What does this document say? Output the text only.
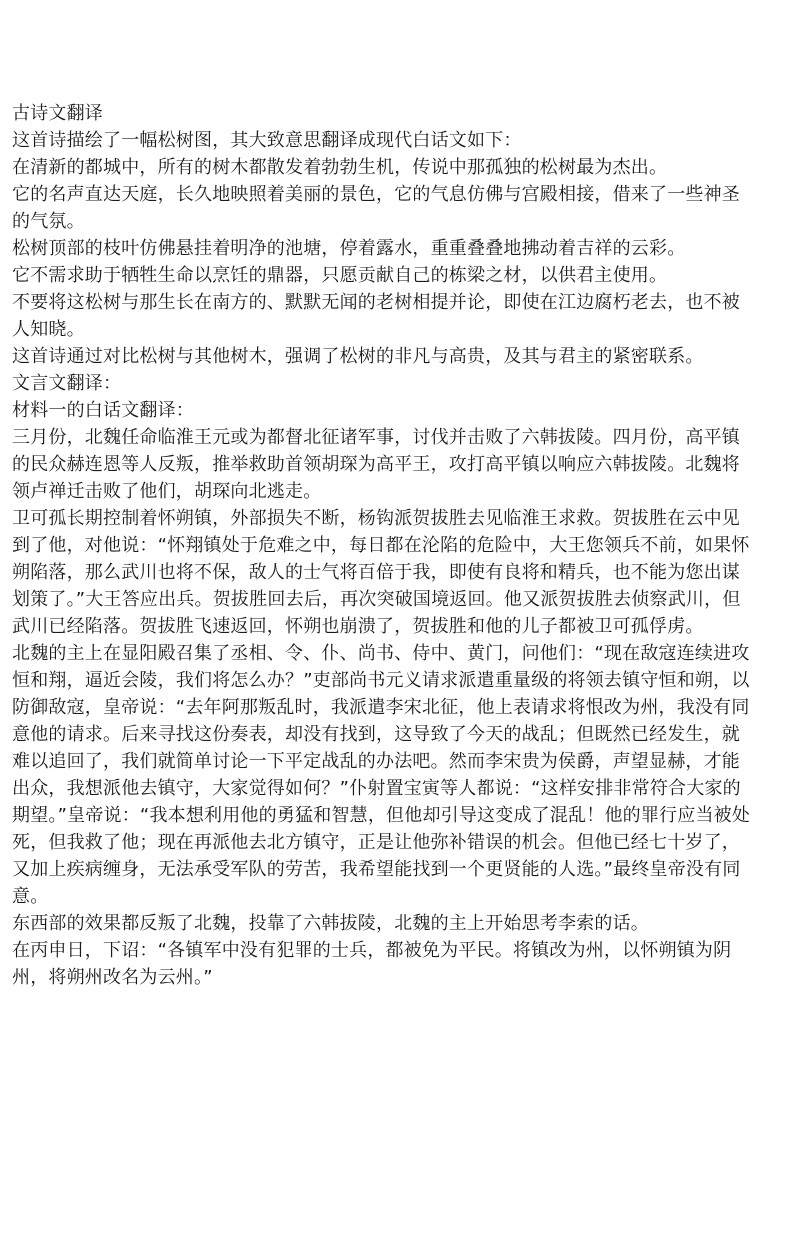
古诗文翻译

这首诗描绘了一幅松树图，其大致意思翻译成现代白话文如下：

在清新的都城中，所有的树木都散发着勃勃生机，传说中那孤独的松树最为杰出。

它的名声直达天庭，长久地映照着美丽的景色，它的气息仿佛与宫殿相接，借来了一些神圣的气氛。

松树顶部的枝叶仿佛悬挂着明净的池塘，停着露水，重重叠叠地拂动着吉祥的云彩。

它不需求助于牺牲生命以烹饪的鼎器，只愿贡献自己的栋梁之材，以供君主使用。

不要将这松树与那生长在南方的、默默无闻的老树相提并论，即使在江边腐朽老去，也不被人知晓。

这首诗通过对比松树与其他树木，强调了松树的非凡与高贵，及其与君主的紧密联系。

文言文翻译：

材料一的白话文翻译：

三月份，北魏任命临淮王元或为都督北征诸军事，讨伐并击败了六韩拔陵。四月份，高平镇的民众赫连恩等人反叛，推举救助首领胡琛为高平王，攻打高平镇以响应六韩拔陵。北魏将领卢禅迁击败了他们，胡琛向北逃走。

卫可孤长期控制着怀朔镇，外部损失不断，杨钩派贺拔胜去见临淮王求救。贺拔胜在云中见到了他，对他说：“怀翔镇处于危难之中，每日都在沦陷的危险中，大王您领兵不前，如果怀朔陷落，那么武川也将不保，敌人的士气将百倍于我，即使有良将和精兵，也不能为您出谋划策了。”大王答应出兵。贺拔胜回去后，再次突破国境返回。他又派贺拔胜去侦察武川，但武川已经陷落。贺拔胜飞速返回，怀朔也崩溃了，贺拔胜和他的儿子都被卫可孤俘虏。

北魏的主上在显阳殿召集了丞相、令、仆、尚书、侍中、黄门，问他们：“现在敌寇连续进攻恒和翔，逼近会陵，我们将怎么办？”吏部尚书元义请求派遣重量级的将领去镇守恒和朔，以防御敌寇，皇帝说：“去年阿那叛乱时，我派遣李宋北征，他上表请求将恨改为州，我没有同意他的请求。后来寻找这份奏表，却没有找到，这导致了今天的战乱；但既然已经发生，就难以追回了，我们就简单讨论一下平定战乱的办法吧。然而李宋贵为侯爵，声望显赫，才能出众，我想派他去镇守，大家觉得如何？”仆射置宝寅等人都说：“这样安排非常符合大家的期望。”皇帝说：“我本想利用他的勇猛和智慧，但他却引导这变成了混乱！他的罪行应当被处死，但我救了他；现在再派他去北方镇守，正是让他弥补错误的机会。但他已经七十岁了，又加上疾病缠身，无法承受军队的劳苦，我希望能找到一个更贤能的人选。”最终皇帝没有同意。

东西部的效果都反叛了北魏，投靠了六韩拔陵，北魏的主上开始思考李索的话。

在丙申日，下诏：“各镇军中没有犯罪的士兵，都被免为平民。将镇改为州，以怀朔镇为阴州，将朔州改名为云州。”
